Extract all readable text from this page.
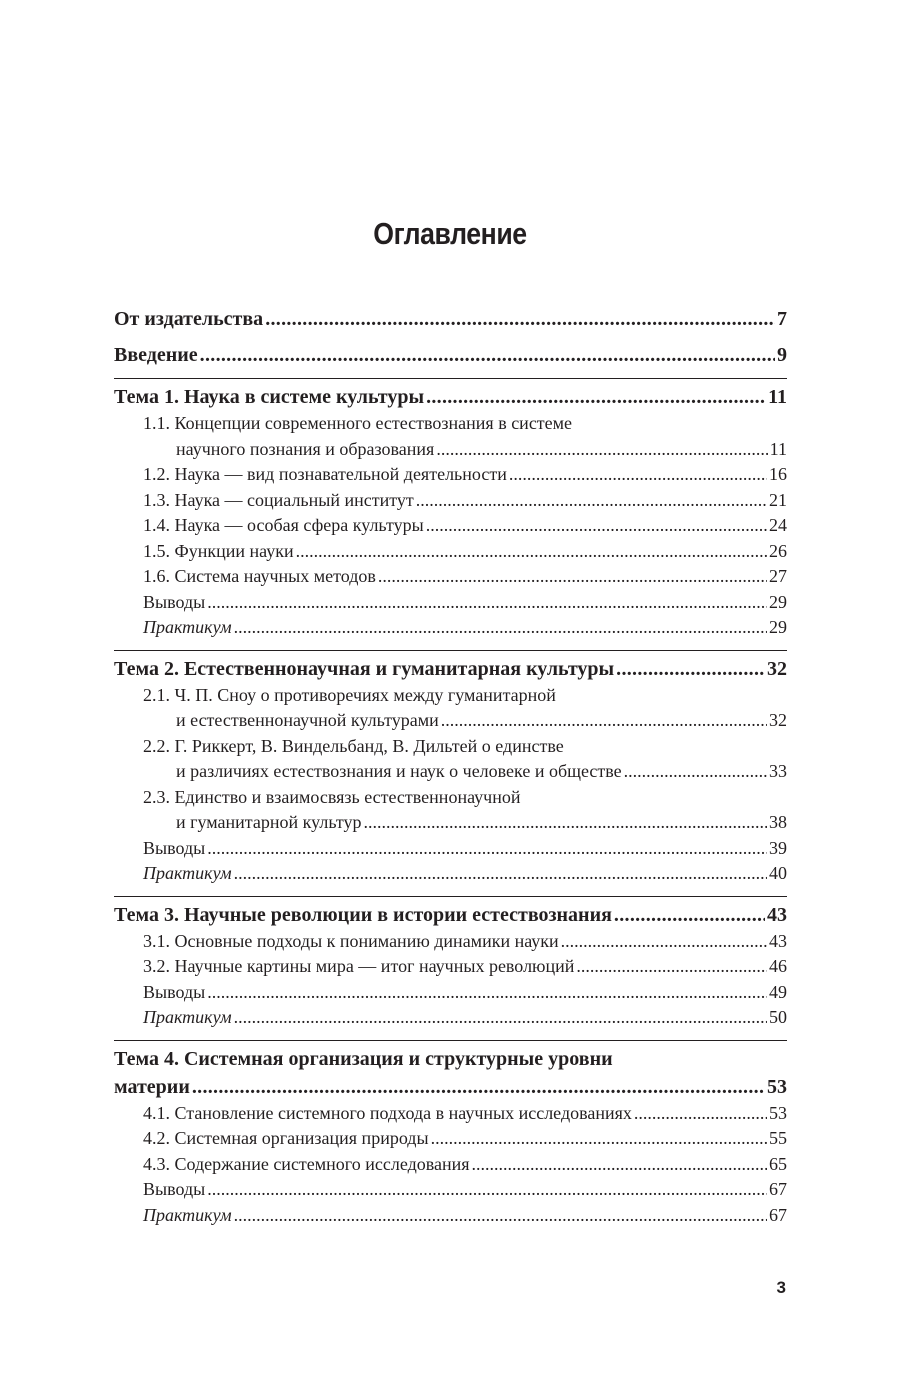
Оглавление
От издательства .....	7
Введение .....	9
Тема 1. Наука в системе культуры .....	11
1.1. Концепции современного естествознания в системе
научного познания и образования .....	11
1.2. Наука — вид познавательной деятельности .....	16
1.3. Наука — социальный институт .....	21
1.4. Наука — особая сфера культуры .....	24
1.5. Функции науки .....	26
1.6. Система научных методов .....	27
Выводы .....	29
Практикум .....	29
Тема 2. Естественнонаучная и гуманитарная культуры .....	32
2.1. Ч. П. Сноу о противоречиях между гуманитарной
и естественнонаучной культурами .....	32
2.2. Г. Риккерт, В. Виндельбанд, В. Дильтей о единстве
и различиях естествознания и наук о человеке и обществе .....	33
2.3. Единство и взаимосвязь естественнонаучной
и гуманитарной культур .....	38
Выводы .....	39
Практикум .....	40
Тема 3. Научные революции в истории естествознания .....	43
3.1. Основные подходы к пониманию динамики науки .....	43
3.2. Научные картины мира — итог научных революций .....	46
Выводы .....	49
Практикум .....	50
Тема 4. Системная организация и структурные уровни
материи .....	53
4.1. Становление системного подхода в научных исследованиях .....	53
4.2. Системная организация природы .....	55
4.3. Содержание системного исследования .....	65
Выводы .....	67
Практикум .....	67
3
